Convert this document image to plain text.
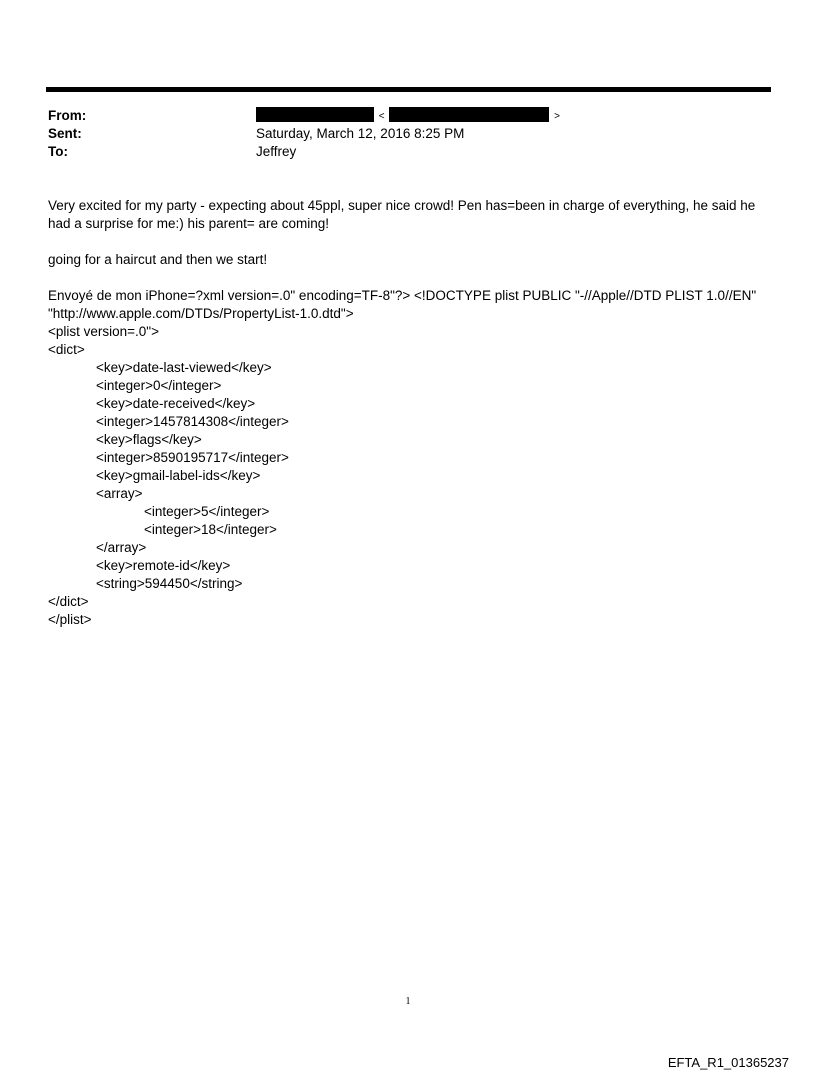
From:	<	>
Sent:	Saturday, March 12, 2016 8:25 PM
To:	Jeffrey

Very excited for my party - expecting about 45ppl, super nice crowd! Pen has=been in charge of everything, he said he had a surprise for me:) his parent= are coming!

going for a haircut and then we start!

Envoyé de mon iPhone=?xml version=.0" encoding=TF-8"?> <!DOCTYPE plist PUBLIC "-//Apple//DTD PLIST 1.0//EN"

"http://www.apple.com/DTDs/PropertyList-1.0.dtd">

<plist version=.0">
<dict>
<key>date-last-viewed</key>
<integer>0</integer>
<key>date-received</key>
<integer>1457814308</integer>
<key>flags</key>
<integer>8590195717</integer>
<key>gmail-label-ids</key>
<array>
<integer>5</integer>
<integer>18</integer>
</array>
<key>remote-id</key>
<string>594450</string>
</dict>
</plist>
1
EFTA_R1_01365237
